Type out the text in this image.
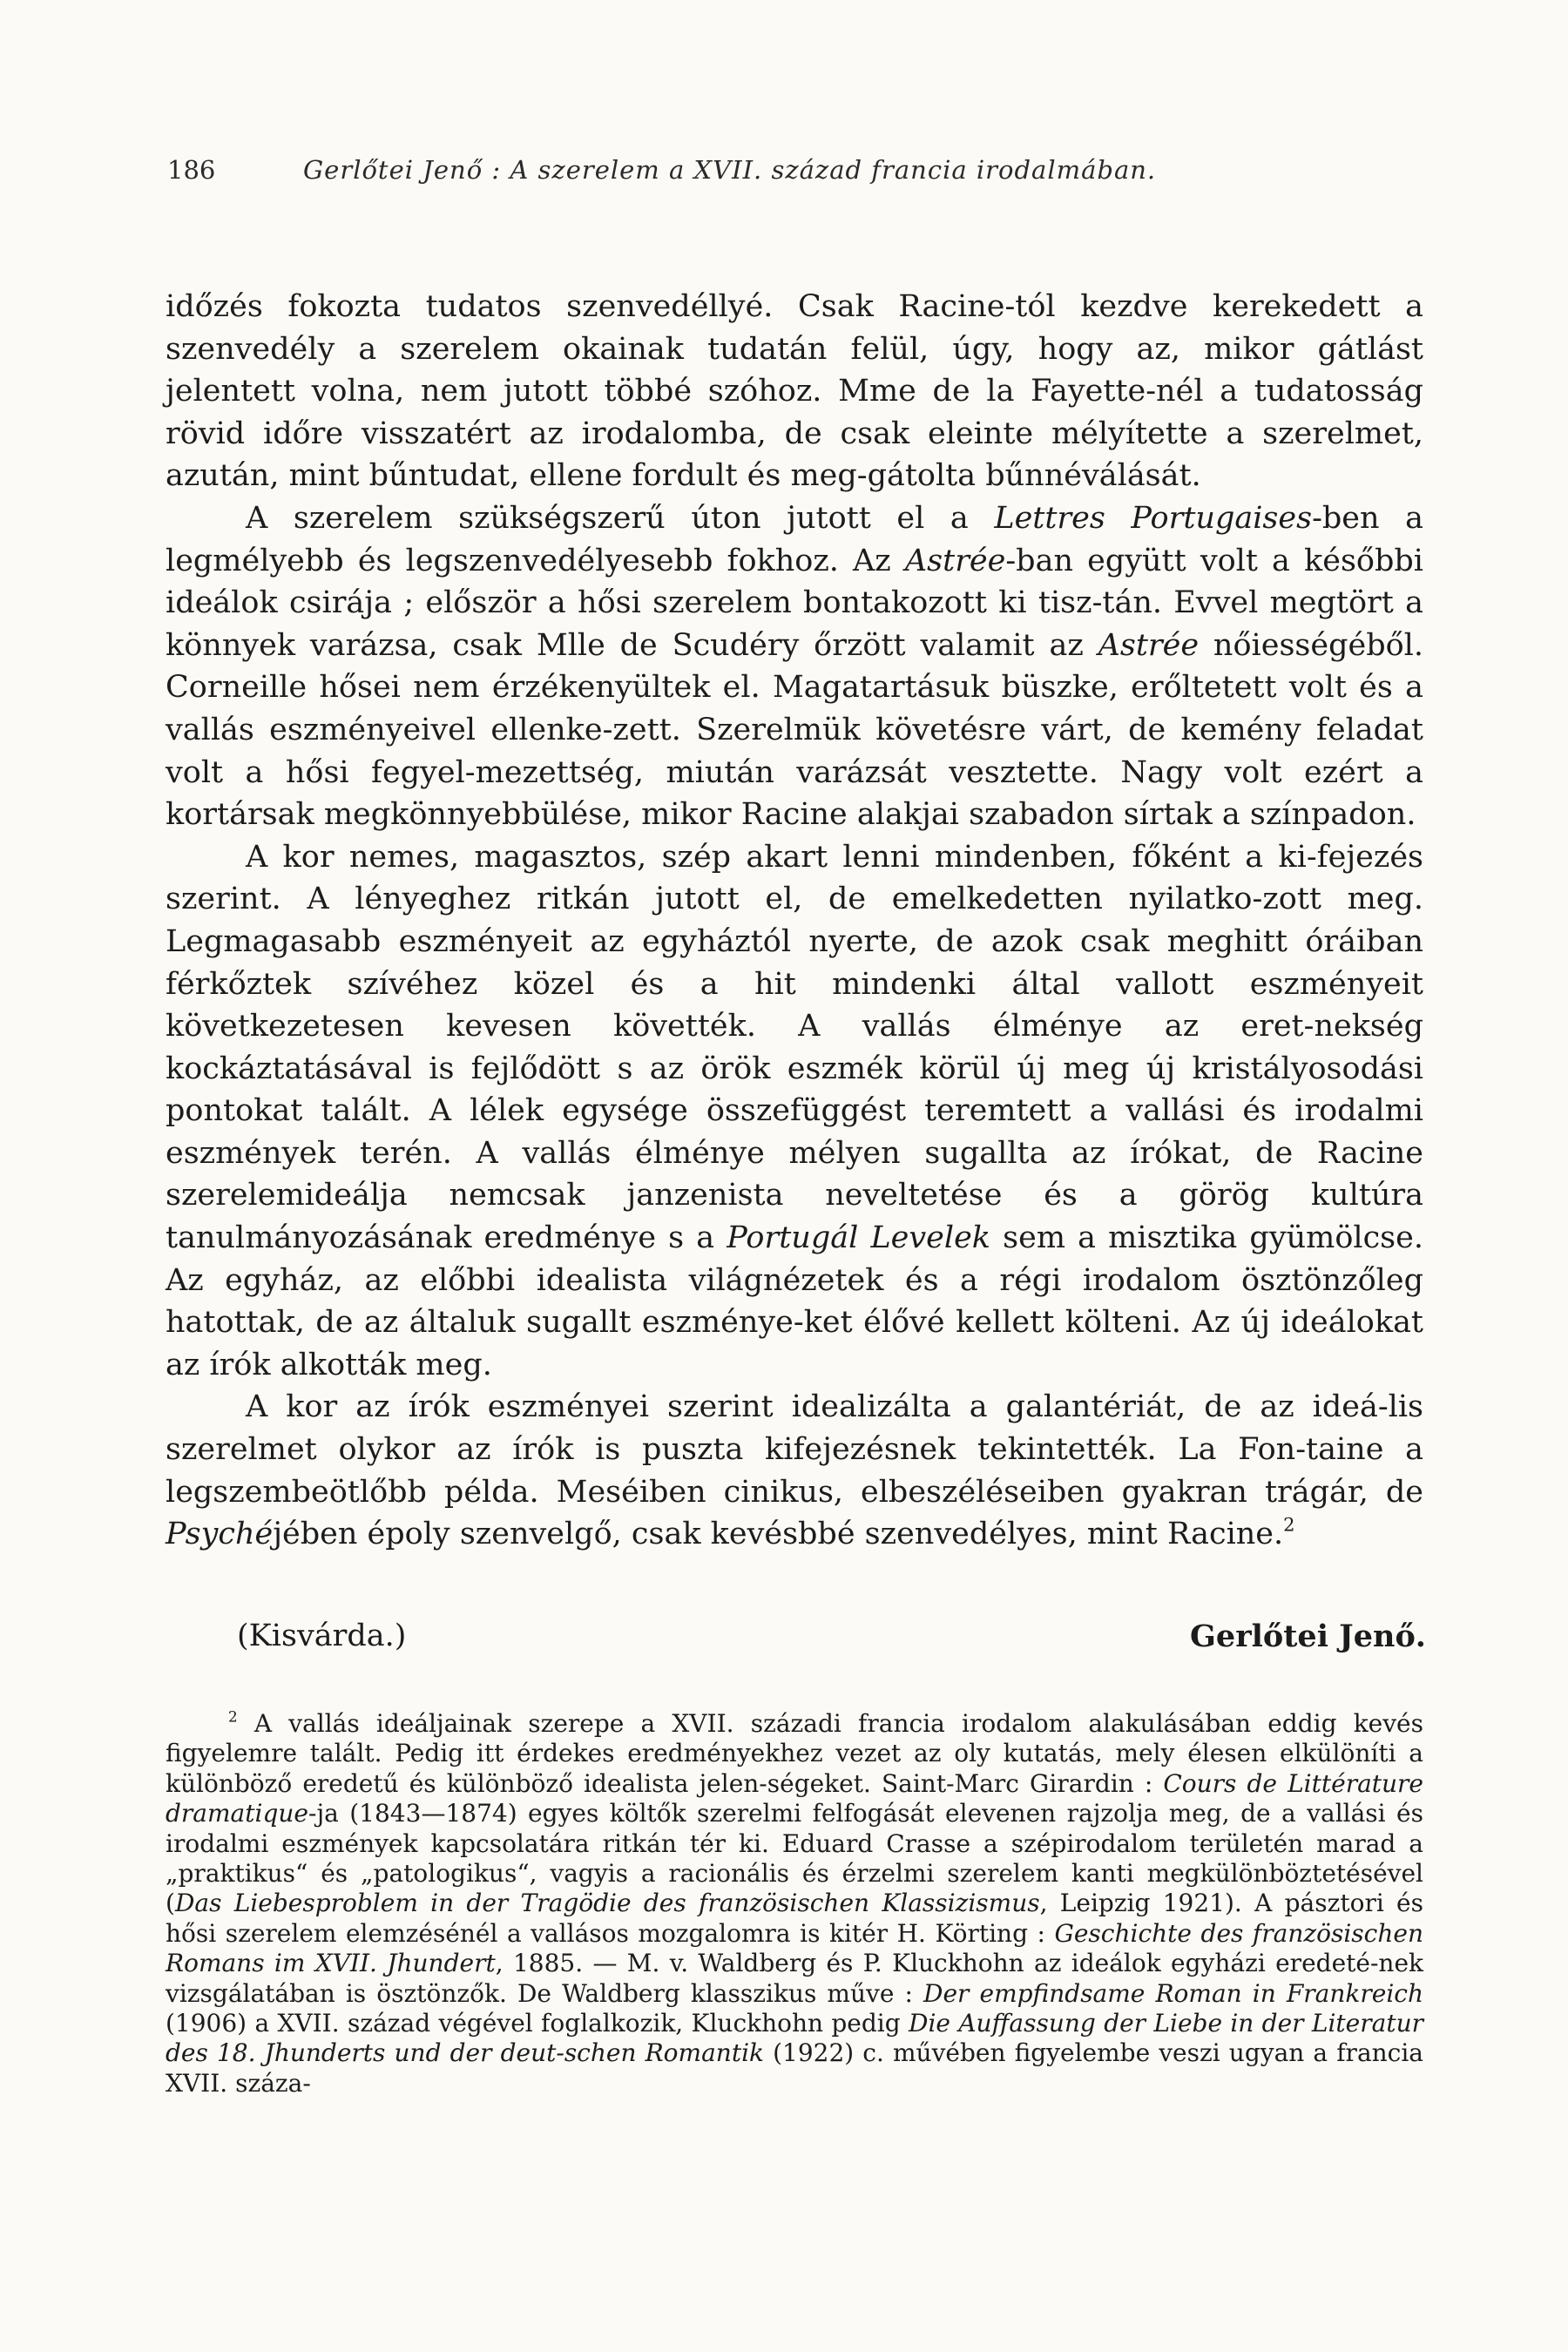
186	Gerlőtei Jenő : A szerelem a XVII. század francia irodalmában.

időzés fokozta tudatos szenvedéllyé. Csak Racine-tól kezdve kerekedett a szenvedély a szerelem okainak tudatán felül, úgy, hogy az, mikor gátlást jelentett volna, nem jutott többé szóhoz. Mme de la Fayette-nél a tudatosság rövid időre visszatért az irodalomba, de csak eleinte mélyítette a szerelmet, azután, mint bűntudat, ellene fordult és meg-gátolta bűnnéválását.

A szerelem szükségszerű úton jutott el a Lettres Portugaises-ben a legmélyebb és legszenvedélyesebb fokhoz. Az Astrée-ban együtt volt a későbbi ideálok csirája ; először a hősi szerelem bontakozott ki tisz-tán. Evvel megtört a könnyek varázsa, csak Mlle de Scudéry őrzött valamit az Astrée nőiességéből. Corneille hősei nem érzékenyültek el. Magatartásuk büszke, erőltetett volt és a vallás eszményeivel ellenke-zett. Szerelmük követésre várt, de kemény feladat volt a hősi fegyel-mezettség, miután varázsát vesztette. Nagy volt ezért a kortársak megkönnyebbülése, mikor Racine alakjai szabadon sírtak a színpadon.

A kor nemes, magasztos, szép akart lenni mindenben, főként a ki-fejezés szerint. A lényeghez ritkán jutott el, de emelkedetten nyilatko-zott meg. Legmagasabb eszményeit az egyháztól nyerte, de azok csak meghitt óráiban férkőztek szívéhez közel és a hit mindenki által vallott eszményeit következetesen kevesen követték. A vallás élménye az eret-nekség kockáztatásával is fejlődött s az örök eszmék körül új meg új kristályosodási pontokat talált. A lélek egysége összefüggést teremtett a vallási és irodalmi eszmények terén. A vallás élménye mélyen sugallta az írókat, de Racine szerelemideálja nemcsak janzenista neveltetése és a görög kultúra tanulmányozásának eredménye s a Portugál Levelek sem a misztika gyümölcse. Az egyház, az előbbi idealista világnézetek és a régi irodalom ösztönzőleg hatottak, de az általuk sugallt eszménye-ket élővé kellett költeni. Az új ideálokat az írók alkották meg.

A kor az írók eszményei szerint idealizálta a galantériát, de az ideá-lis szerelmet olykor az írók is puszta kifejezésnek tekintették. La Fon-taine a legszembeötlőbb példa. Meséiben cinikus, elbeszéléseiben gyakran trágár, de Psychéjében époly szenvelgő, csak kevésbbé szenvedélyes, mint Racine.$^2$

(Kisvárda.)	Gerlőtei Jenő.

$^2$ A vallás ideáljainak szerepe a XVII. századi francia irodalom alakulásában eddig kevés figyelemre talált. Pedig itt érdekes eredményekhez vezet az oly kutatás, mely élesen elkülöníti a különböző eredetű és különböző idealista jelen-ségeket. Saint-Marc Girardin : Cours de Littérature dramatique-ja (1843—1874) egyes költők szerelmi felfogását elevenen rajzolja meg, de a vallási és irodalmi eszmények kapcsolatára ritkán tér ki. Eduard Crasse a szépirodalom területén marad a „praktikus“ és „patologikus“, vagyis a racionális és érzelmi szerelem kanti megkülönböztetésével (Das Liebesproblem in der Tragödie des französischen Klassizismus, Leipzig 1921). A pásztori és hősi szerelem elemzésénél a vallásos mozgalomra is kitér H. Körting : Geschichte des französischen Romans im XVII. Jhundert, 1885. — M. v. Waldberg és P. Kluckhohn az ideálok egyházi eredeté-nek vizsgálatában is ösztönzők. De Waldberg klasszikus műve : Der empfindsame Roman in Frankreich (1906) a XVII. század végével foglalkozik, Kluckhohn pedig Die Auffassung der Liebe in der Literatur des 18. Jhunderts und der deut-schen Romantik (1922) c. művében figyelembe veszi ugyan a francia XVII. száza-
